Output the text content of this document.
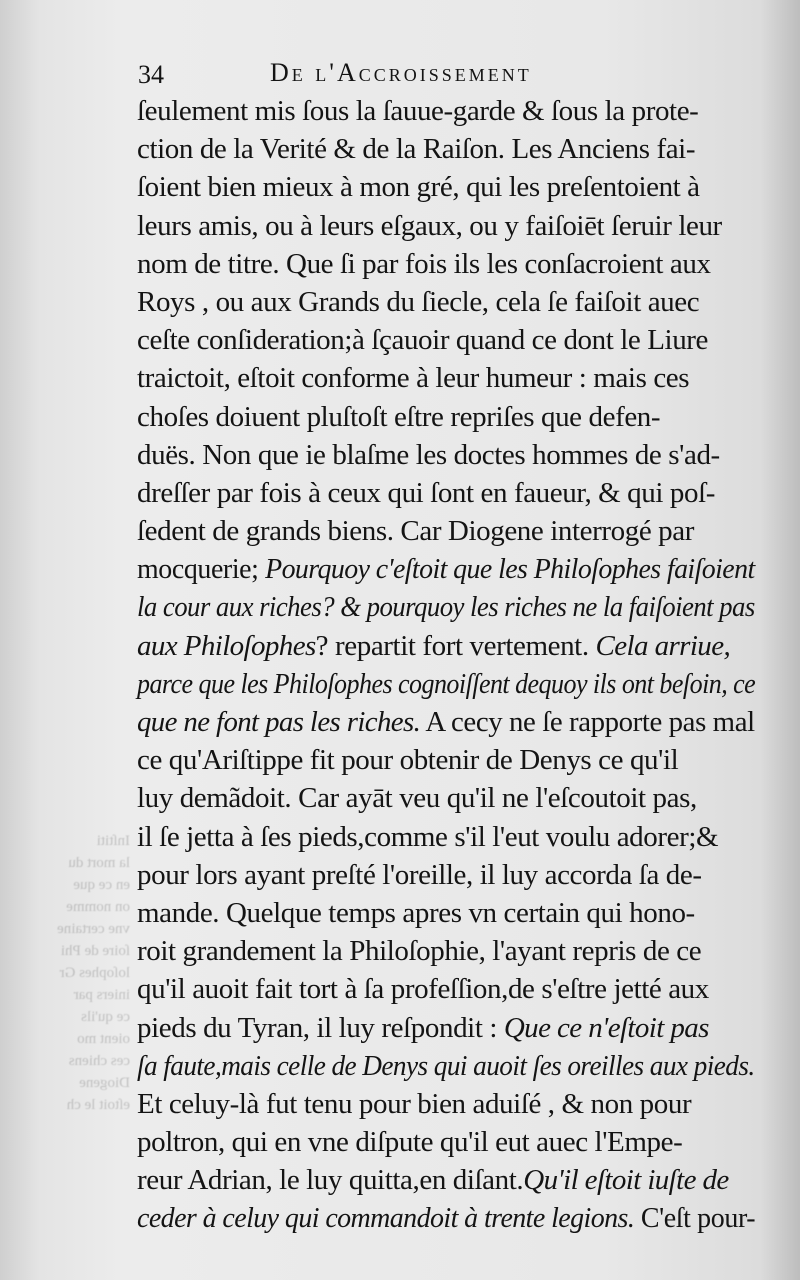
Inſtiti
la mort du
en ce que
on nomme
vne certaine
ſoire de Phi
loſophes Gr
iniers par
ce qu'ils
oient mo
ces chiens
Diogene
eſtoit le ch
34	De l'Accroissement
ſeulement mis ſous la ſauue-garde & ſous la prote-
ction de la Verité & de la Raiſon. Les Anciens fai-
ſoient bien mieux à mon gré, qui les preſentoient à
leurs amis, ou à leurs eſgaux, ou y faiſoiēt ſeruir leur
nom de titre. Que ſi par fois ils les conſacroient aux
Roys , ou aux Grands du ſiecle, cela ſe faiſoit auec
ceſte conſideration;à ſçauoir quand ce dont le Liure
traictoit, eſtoit conforme à leur humeur : mais ces
choſes doiuent pluſtoſt eſtre repriſes que defen-
duës. Non que ie blaſme les doctes hommes de s'ad-
dreſſer par fois à ceux qui ſont en faueur, & qui poſ-
ſedent de grands biens. Car Diogene interrogé par
mocquerie; Pourquoy c'eſtoit que les Philoſophes faiſoient
la cour aux riches? & pourquoy les riches ne la faiſoient pas
aux Philoſophes? repartit fort vertement. Cela arriue,
parce que les Philoſophes cognoiſſent dequoy ils ont beſoin, ce
que ne font pas les riches. A cecy ne ſe rapporte pas mal
ce qu'Ariſtippe fit pour obtenir de Denys ce qu'il
luy demãdoit. Car ayāt veu qu'il ne l'eſcoutoit pas,
il ſe jetta à ſes pieds,comme s'il l'eut voulu adorer;&
pour lors ayant preſté l'oreille, il luy accorda ſa de-
mande. Quelque temps apres vn certain qui hono-
roit grandement la Philoſophie, l'ayant repris de ce
qu'il auoit fait tort à ſa profeſſion,de s'eſtre jetté aux
pieds du Tyran, il luy reſpondit : Que ce n'eſtoit pas
ſa faute,mais celle de Denys qui auoit ſes oreilles aux pieds.
Et celuy-là fut tenu pour bien aduiſé , & non pour
poltron, qui en vne diſpute qu'il eut auec l'Empe-
reur Adrian, le luy quitta,en diſant.Qu'il eſtoit iuſte de
ceder à celuy qui commandoit à trente legions. C'eſt pour-
